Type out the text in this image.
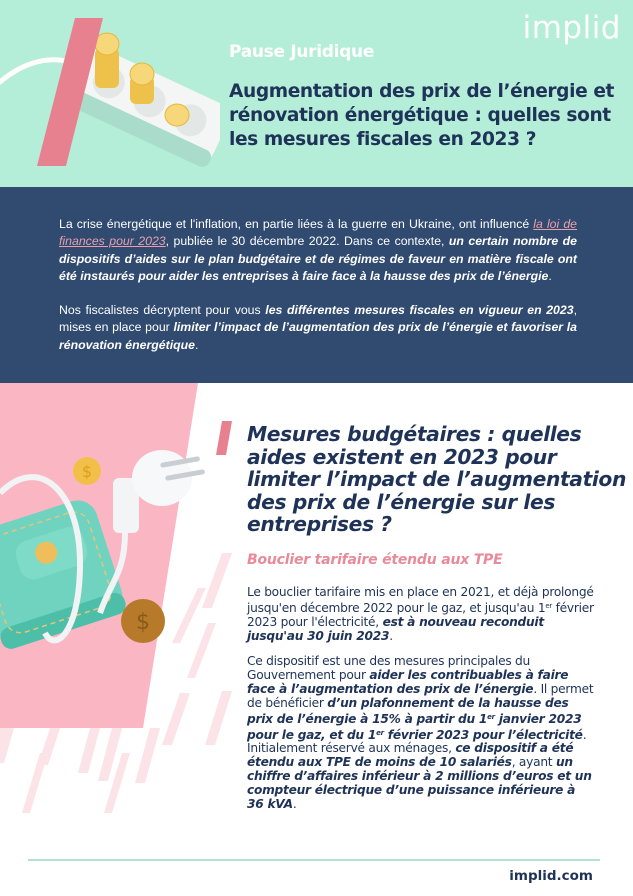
implid
Pause Juridique
Augmentation des prix de l’énergie et rénovation énergétique : quelles sont les mesures fiscales en 2023 ?

La crise énergétique et l'inflation, en partie liées à la guerre en Ukraine, ont influencé la loi de finances pour 2023, publiée le 30 décembre 2022. Dans ce contexte, un certain nombre de dispositifs d’aides sur le plan budgétaire et de régimes de faveur en matière fiscale ont été instaurés pour aider les entreprises à faire face à la hausse des prix de l’énergie.

Nos fiscalistes décryptent pour vous les différentes mesures fiscales en vigueur en 2023, mises en place pour limiter l’impact de l’augmentation des prix de l’énergie et favoriser la rénovation énergétique.

$
$
Mesures budgétaires : quelles aides existent en 2023 pour limiter l’impact de l’augmentation des prix de l’énergie sur les entreprises ?
Bouclier tarifaire étendu aux TPE

Le bouclier tarifaire mis en place en 2021, et déjà prolongé jusqu'en décembre 2022 pour le gaz, et jusqu'au 1er février 2023 pour l'électricité, est à nouveau reconduit jusqu'au 30 juin 2023.

Ce dispositif est une des mesures principales du Gouvernement pour aider les contribuables à faire face à l’augmentation des prix de l’énergie. Il permet de bénéficier d’un plafonnement de la hausse des prix de l’énergie à 15% à partir du 1er janvier 2023 pour le gaz, et du 1er février 2023 pour l’électricité.

Initialement réservé aux ménages, ce dispositif a été étendu aux TPE de moins de 10 salariés, ayant un chiffre d’affaires inférieur à 2 millions d’euros et un compteur électrique d’une puissance inférieure à 36 kVA.

implid.com
